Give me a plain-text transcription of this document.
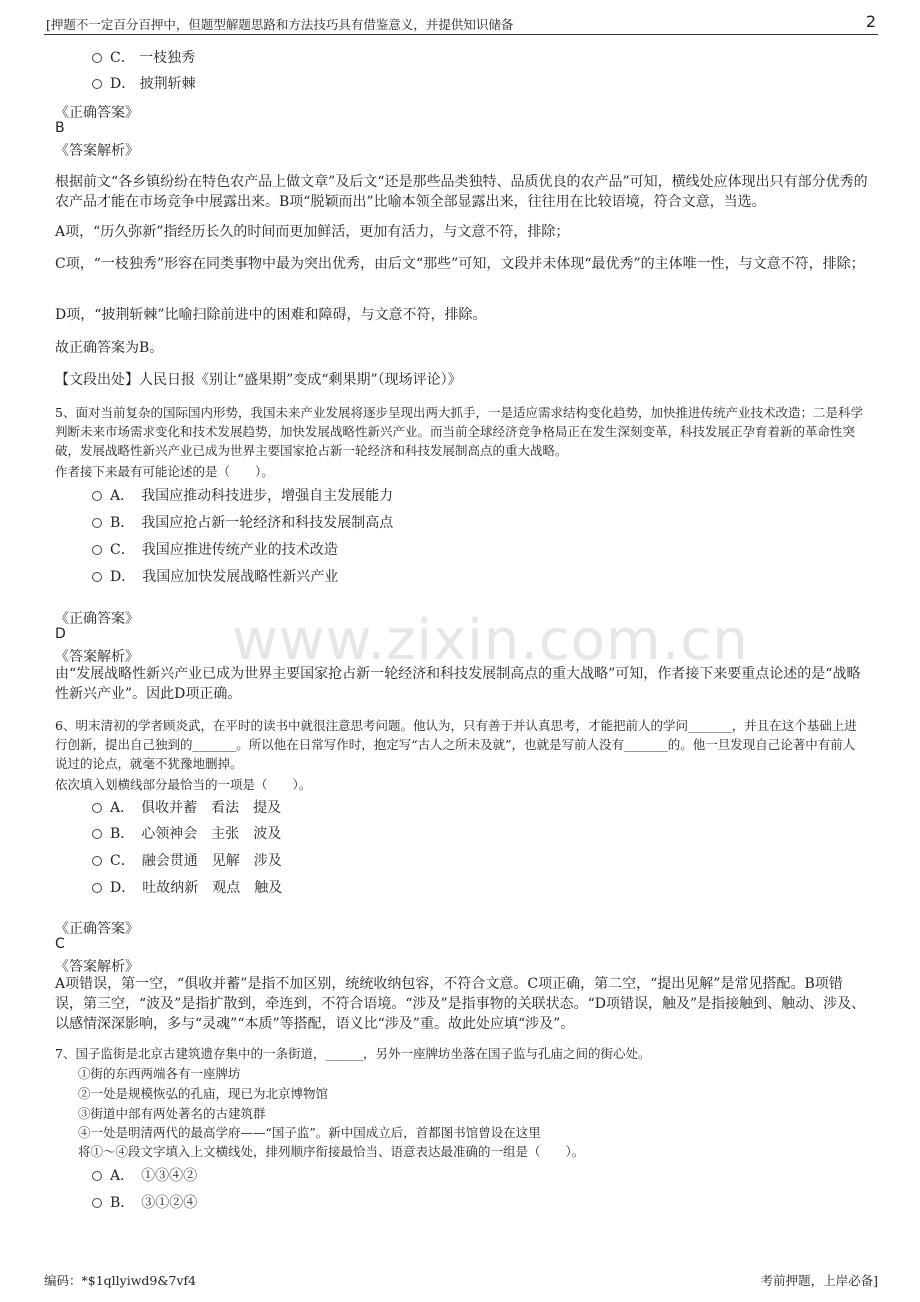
[押题不一定百分百押中，但题型解题思路和方法技巧具有借鉴意义，并提供知识储备	2
www.zixin.com.cn
C． 一枝独秀
D． 披荆斩棘
《正确答案》
B
《答案解析》
根据前文“各乡镇纷纷在特色农产品上做文章”及后文“还是那些品类独特、品质优良的农产品”可知，横线处应体现出只有部分优秀的农产品才能在市场竞争中展露出来。B项“脱颖而出”比喻本领全部显露出来，往往用在比较语境，符合文意，当选。
A项，“历久弥新”指经历长久的时间而更加鲜活，更加有活力，与文意不符，排除；
C项，“一枝独秀”形容在同类事物中最为突出优秀，由后文“那些”可知，文段并未体现“最优秀”的主体唯一性，与文意不符，排除；
D项，“披荆斩棘”比喻扫除前进中的困难和障碍，与文意不符，排除。
故正确答案为B。
【文段出处】人民日报《别让“盛果期”变成“剩果期”（现场评论）》
5、面对当前复杂的国际国内形势，我国未来产业发展将逐步呈现出两大抓手，一是适应需求结构变化趋势，加快推进传统产业技术改造；二是科学判断未来市场需求变化和技术发展趋势，加快发展战略性新兴产业。而当前全球经济竞争格局正在发生深刻变革，科技发展正孕育着新的革命性突破，发展战略性新兴产业已成为世界主要国家抢占新一轮经济和科技发展制高点的重大战略。
作者接下来最有可能论述的是（　　）。
A．　 我国应推动科技进步，增强自主发展能力
B．　 我国应抢占新一轮经济和科技发展制高点
C．　 我国应推进传统产业的技术改造
D．　 我国应加快发展战略性新兴产业
《正确答案》
D
《答案解析》
由“发展战略性新兴产业已成为世界主要国家抢占新一轮经济和科技发展制高点的重大战略”可知，作者接下来要重点论述的是“战略性新兴产业”。因此D项正确。
6、明末清初的学者顾炎武，在平时的读书中就很注意思考问题。他认为，只有善于并认真思考，才能把前人的学问_______，并且在这个基础上进行创新，提出自己独到的_______。所以他在日常写作时，抱定写“古人之所未及就”，也就是写前人没有_______的。他一旦发现自己论著中有前人说过的论点，就毫不犹豫地删掉。
依次填入划横线部分最恰当的一项是（　　）。
A．　 俱收并蓄　看法　提及
B．　 心领神会　主张　波及
C．　 融会贯通　见解　涉及
D．　 吐故纳新　观点　触及
《正确答案》
C
《答案解析》
A项错误，第一空，“俱收并蓄”是指不加区别，统统收纳包容，不符合文意。C项正确，第二空，“提出见解”是常见搭配。B项错误，第三空，“波及”是指扩散到，牵连到，不符合语境。“涉及”是指事物的关联状态。“D项错误，触及”是指接触到、触动、涉及、以感情深深影响，多与“灵魂”“本质”等搭配，语义比“涉及”重。故此处应填“涉及”。
7、国子监街是北京古建筑遗存集中的一条街道，______，另外一座牌坊坐落在国子监与孔庙之间的街心处。
①街的东西两端各有一座牌坊
②一处是规模恢弘的孔庙，现已为北京博物馆
③街道中部有两处著名的古建筑群
④一处是明清两代的最高学府——“国子监”。新中国成立后，首都图书馆曾设在这里
将①～④段文字填入上文横线处，排列顺序衔接最恰当、语意表达最准确的一组是（　　）。
A．　 ①③④②
B．　 ③①②④
编码：*$1qllyiwd9&7vf4	考前押题，上岸必备]
